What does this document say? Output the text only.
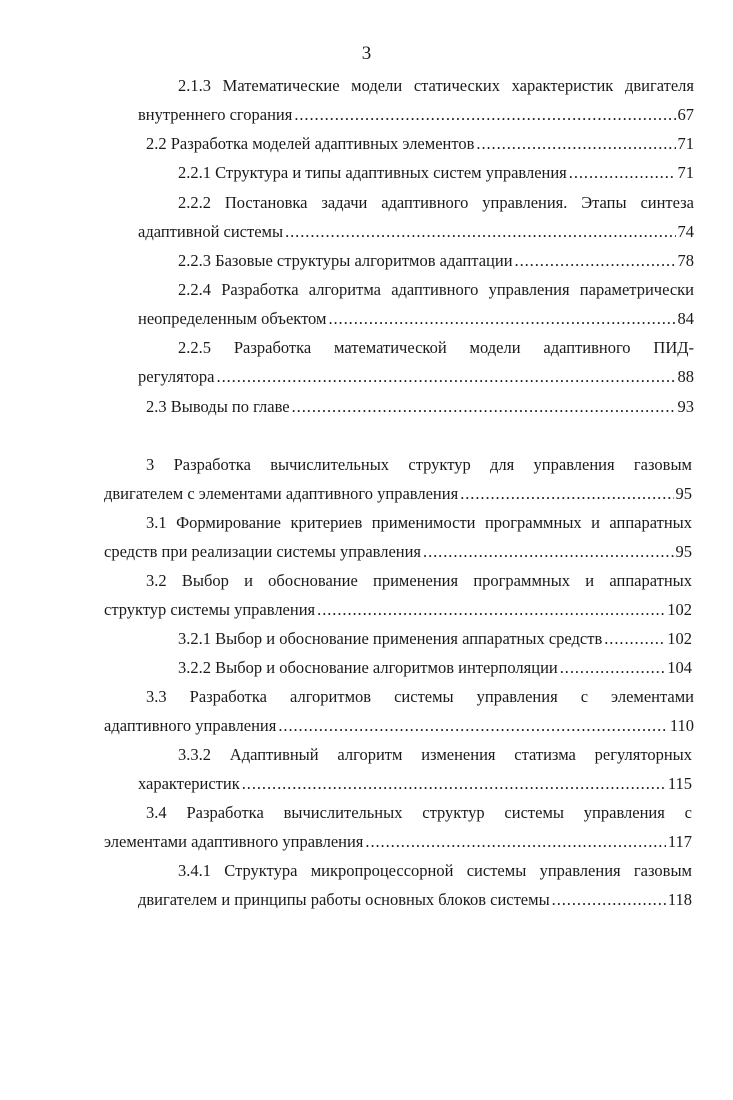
3
2.1.3 Математические модели статических характеристик двигателя
внутреннего сгорания . . .	67
2.2 Разработка моделей адаптивных элементов . . .	71
2.2.1 Структура и типы адаптивных систем управления . . .	71
2.2.2 Постановка задачи адаптивного управления. Этапы синтеза
адаптивной системы . . .	74
2.2.3 Базовые структуры алгоритмов адаптации . . .	78
2.2.4 Разработка алгоритма адаптивного управления параметрически
неопределенным объектом . . .	84
2.2.5 Разработка математической модели адаптивного ПИД-
регулятора . . .	88
2.3 Выводы по главе . . .	93
3 Разработка вычислительных структур для управления газовым
двигателем с элементами адаптивного управления . . .	95
3.1 Формирование критериев применимости программных и аппаратных
средств при реализации системы управления . . .	95
3.2 Выбор и обоснование применения программных и аппаратных
структур системы управления . . .	102
3.2.1 Выбор и обоснование применения аппаратных средств . . .	102
3.2.2 Выбор и обоснование алгоритмов интерполяции . . .	104
3.3 Разработка алгоритмов системы управления с элементами
адаптивного управления . . .	110
3.3.2 Адаптивный алгоритм изменения статизма регуляторных
характеристик . . .	115
3.4 Разработка вычислительных структур системы управления с
элементами адаптивного управления . . .	117
3.4.1 Структура микропроцессорной системы управления газовым
двигателем и принципы работы основных блоков системы . . .	118
